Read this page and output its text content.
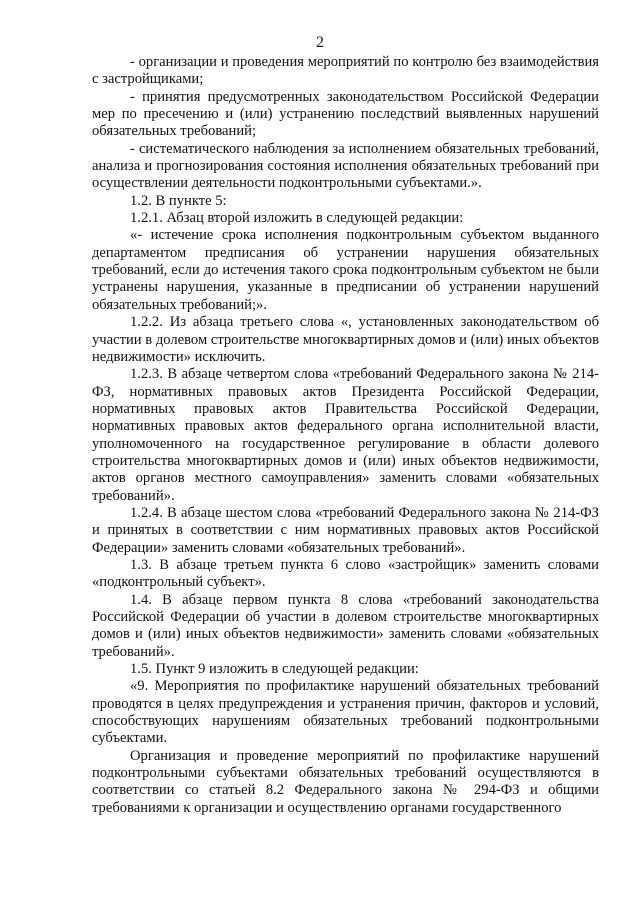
2

- организации и проведения мероприятий по контролю без взаимодействия с застройщиками;

- принятия предусмотренных законодательством Российской Федерации мер по пресечению и (или) устранению последствий выявленных нарушений обязательных требований;

- систематического наблюдения за исполнением обязательных требований, анализа и прогнозирования состояния исполнения обязательных требований при осуществлении деятельности подконтрольными субъектами.».

1.2. В пункте 5:

1.2.1. Абзац второй изложить в следующей редакции:

«- истечение срока исполнения подконтрольным субъектом выданного департаментом предписания об устранении нарушения обязательных требований, если до истечения такого срока подконтрольным субъектом не были устранены нарушения, указанные в предписании об устранении нарушений обязательных требований;».

1.2.2. Из абзаца третьего слова «, установленных законодательством об участии в долевом строительстве многоквартирных домов и (или) иных объектов недвижимости» исключить.

1.2.3. В абзаце четвертом слова «требований Федерального закона № 214-ФЗ, нормативных правовых актов Президента Российской Федерации, нормативных правовых актов Правительства Российской Федерации, нормативных правовых актов федерального органа исполнительной власти, уполномоченного на государственное регулирование в области долевого строительства многоквартирных домов и (или) иных объектов недвижимости, актов органов местного самоуправления» заменить словами «обязательных требований».

1.2.4. В абзаце шестом слова «требований Федерального закона № 214-ФЗ и принятых в соответствии с ним нормативных правовых актов Российской Федерации» заменить словами «обязательных требований».

1.3. В абзаце третьем пункта 6 слово «застройщик» заменить словами «подконтрольный субъект».

1.4. В абзаце первом пункта 8 слова «требований законодательства Российской Федерации об участии в долевом строительстве многоквартирных домов и (или) иных объектов недвижимости» заменить словами «обязательных требований».

1.5. Пункт 9 изложить в следующей редакции:

«9. Мероприятия по профилактике нарушений обязательных требований проводятся в целях предупреждения и устранения причин, факторов и условий, способствующих нарушениям обязательных требований подконтрольными субъектами.

Организация и проведение мероприятий по профилактике нарушений подконтрольными субъектами обязательных требований осуществляются в соответствии со статьей 8.2 Федерального закона № 294-ФЗ и общими требованиями к организации и осуществлению органами государственного
